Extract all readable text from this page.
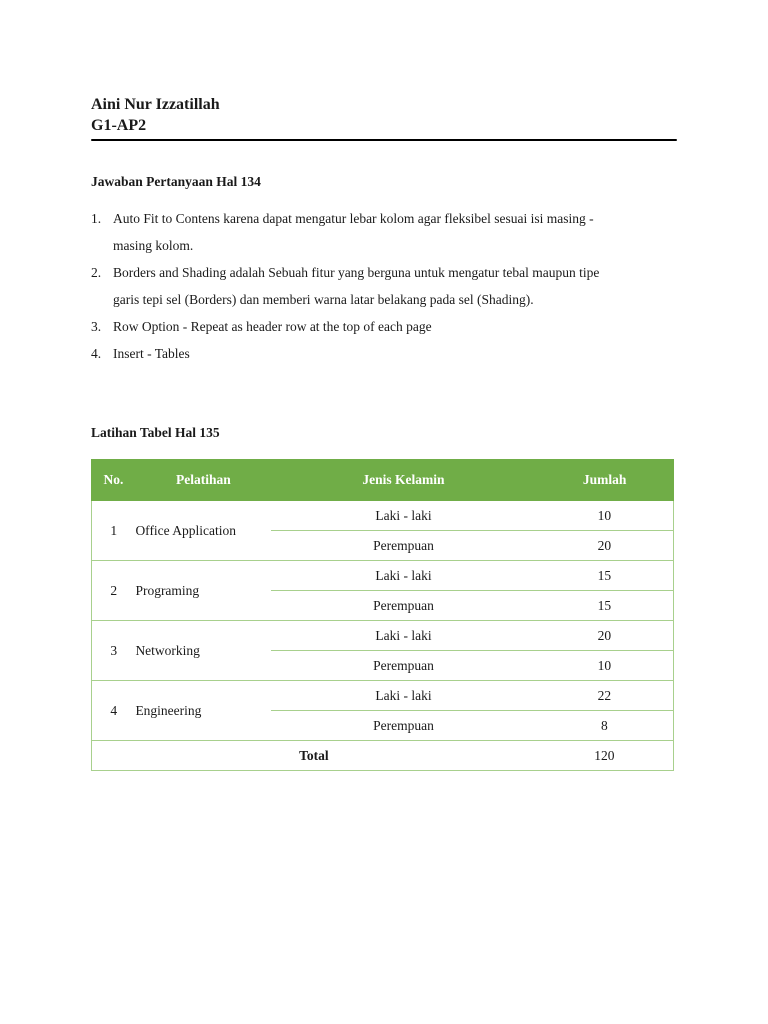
Aini Nur Izzatillah
G1-AP2
Jawaban Pertanyaan Hal 134
1. Auto Fit to Contens karena dapat mengatur lebar kolom agar fleksibel sesuai isi masing -
masing kolom.
2. Borders and Shading adalah Sebuah fitur yang berguna untuk mengatur tebal maupun tipe
garis tepi sel (Borders) dan memberi warna latar belakang pada sel (Shading).
3. Row Option - Repeat as header row at the top of each page
4. Insert - Tables
Latihan Tabel Hal 135
No.	Pelatihan	Jenis Kelamin	Jumlah
1	Office Application	Laki - laki	10
		Perempuan	20
2	Programing	Laki - laki	15
		Perempuan	15
3	Networking	Laki - laki	20
		Perempuan	10
4	Engineering	Laki - laki	22
		Perempuan	8
Total			120
